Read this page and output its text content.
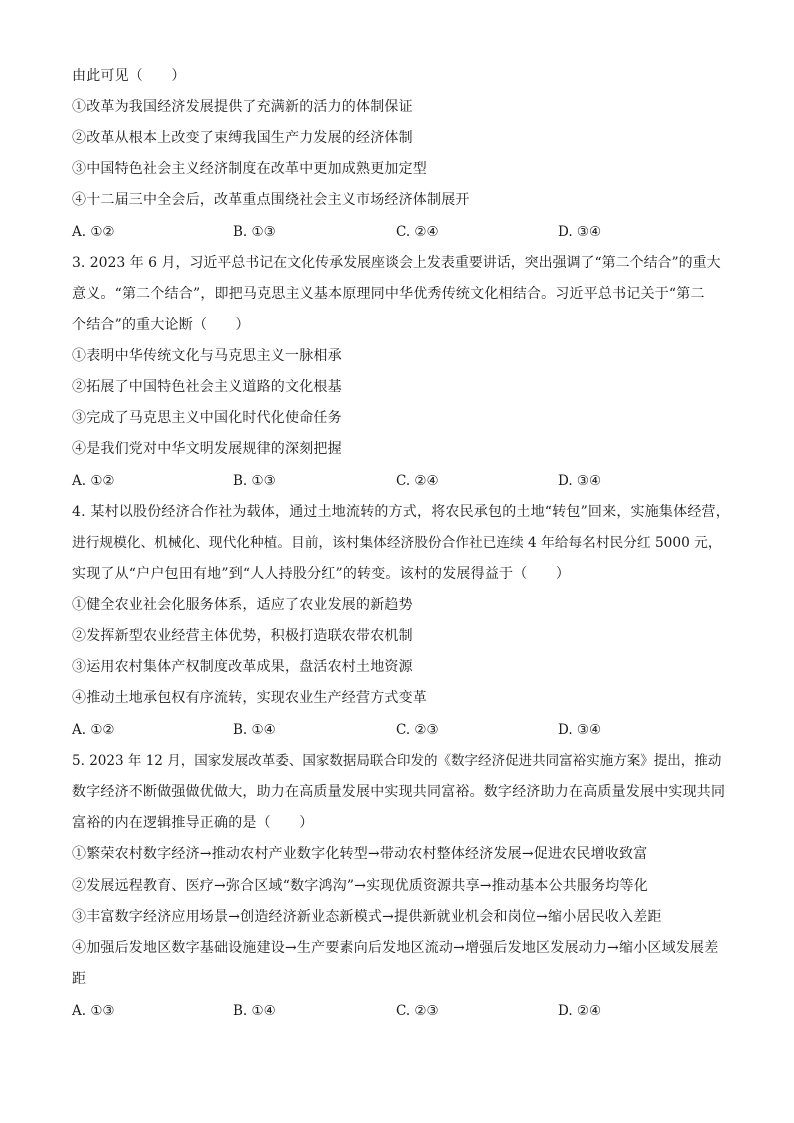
由此可见（　　）
①改革为我国经济发展提供了充满新的活力的体制保证
②改革从根本上改变了束缚我国生产力发展的经济体制
③中国特色社会主义经济制度在改革中更加成熟更加定型
④十二届三中全会后，改革重点围绕社会主义市场经济体制展开
A. ①②	B. ①③	C. ②④	D. ③④
3. 2023 年 6 月，习近平总书记在文化传承发展座谈会上发表重要讲话，突出强调了“第二个结合”的重大
意义。“第二个结合”，即把马克思主义基本原理同中华优秀传统文化相结合。习近平总书记关于“第二
个结合”的重大论断（　　）
①表明中华传统文化与马克思主义一脉相承
②拓展了中国特色社会主义道路的文化根基
③完成了马克思主义中国化时代化使命任务
④是我们党对中华文明发展规律的深刻把握
A. ①②	B. ①③	C. ②④	D. ③④
4. 某村以股份经济合作社为载体，通过土地流转的方式，将农民承包的土地“转包”回来，实施集体经营，
进行规模化、机械化、现代化种植。目前，该村集体经济股份合作社已连续 4 年给每名村民分红 5000 元，
实现了从“户户包田有地”到“人人持股分红”的转变。该村的发展得益于（　　）
①健全农业社会化服务体系，适应了农业发展的新趋势
②发挥新型农业经营主体优势，积极打造联农带农机制
③运用农村集体产权制度改革成果，盘活农村土地资源
④推动土地承包权有序流转，实现农业生产经营方式变革
A. ①②	B. ①④	C. ②③	D. ③④
5. 2023 年 12 月，国家发展改革委、国家数据局联合印发的《数字经济促进共同富裕实施方案》提出，推动
数字经济不断做强做优做大，助力在高质量发展中实现共同富裕。数字经济助力在高质量发展中实现共同
富裕的内在逻辑推导正确的是（　　）
①繁荣农村数字经济→推动农村产业数字化转型→带动农村整体经济发展→促进农民增收致富
②发展远程教育、医疗→弥合区域“数字鸿沟”→实现优质资源共享→推动基本公共服务均等化
③丰富数字经济应用场景→创造经济新业态新模式→提供新就业机会和岗位→缩小居民收入差距
④加强后发地区数字基础设施建设→生产要素向后发地区流动→增强后发地区发展动力→缩小区域发展差
距
A. ①③	B. ①④	C. ②③	D. ②④
